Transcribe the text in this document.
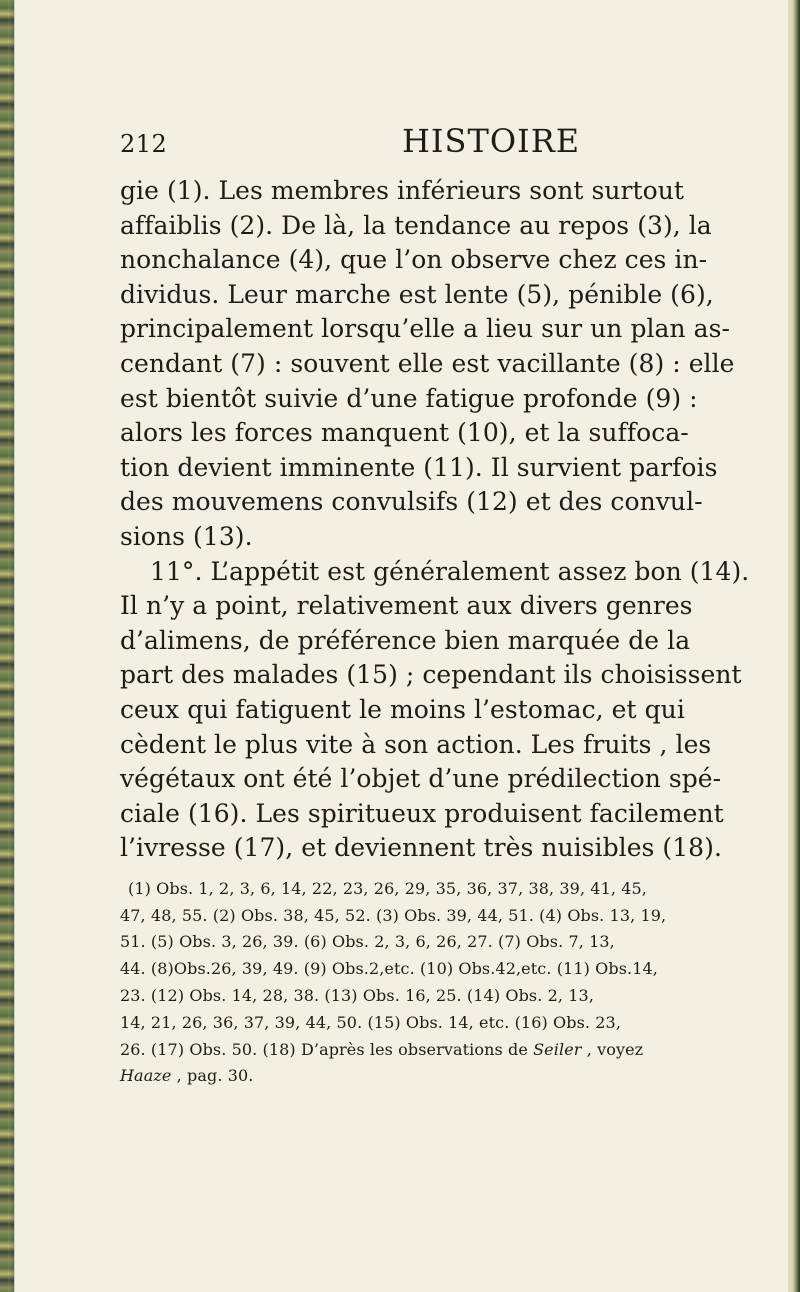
212	HISTOIRE
gie (1). Les membres inférieurs sont surtout
affaiblis (2). De là, la tendance au repos (3), la
nonchalance (4), que l’on observe chez ces in-
dividus. Leur marche est lente (5), pénible (6),
principalement lorsqu’elle a lieu sur un plan as-
cendant (7) : souvent elle est vacillante (8) : elle
est bientôt suivie d’une fatigue profonde (9) :
alors les forces manquent (10), et la suffoca-
tion devient imminente (11). Il survient parfois
des mouvemens convulsifs (12) et des convul-
sions (13).
11°. L’appétit est généralement assez bon (14).
Il n’y a point, relativement aux divers genres
d’alimens, de préférence bien marquée de la
part des malades (15) ; cependant ils choisissent
ceux qui fatiguent le moins l’estomac, et qui
cèdent le plus vite à son action. Les fruits , les
végétaux ont été l’objet d’une prédilection spé-
ciale (16). Les spiritueux produisent facilement
l’ivresse (17), et deviennent très nuisibles (18).
(1) Obs. 1, 2, 3, 6, 14, 22, 23, 26, 29, 35, 36, 37, 38, 39, 41, 45,
47, 48, 55. (2) Obs. 38, 45, 52. (3) Obs. 39, 44, 51. (4) Obs. 13, 19,
51. (5) Obs. 3, 26, 39. (6) Obs. 2, 3, 6, 26, 27. (7) Obs. 7, 13,
44. (8)Obs.26, 39, 49. (9) Obs.2,etc. (10) Obs.42,etc. (11) Obs.14,
23. (12) Obs. 14, 28, 38. (13) Obs. 16, 25. (14) Obs. 2, 13,
14, 21, 26, 36, 37, 39, 44, 50. (15) Obs. 14, etc. (16) Obs. 23,
26. (17) Obs. 50. (18) D’après les observations de Seiler , voyez
Haaze , pag. 30.
